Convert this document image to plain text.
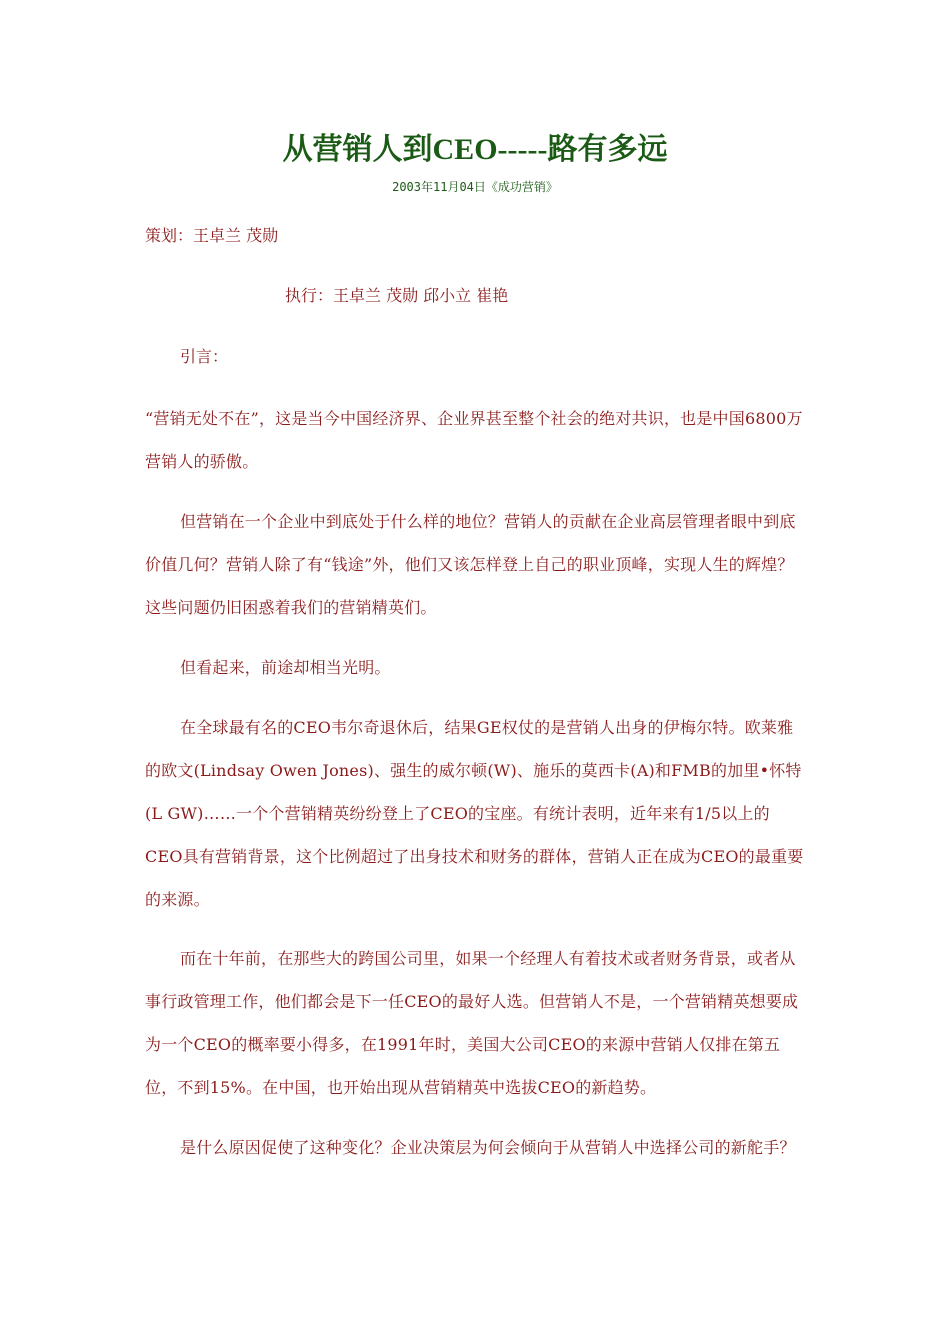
从营销人到CEO-----路有多远
2003年11月04日《成功营销》
策划：王卓兰 茂勋
执行：王卓兰 茂勋 邱小立 崔艳
引言：

“营销无处不在”，这是当今中国经济界、企业界甚至整个社会的绝对共识，也是中国6800万营销人的骄傲。

但营销在一个企业中到底处于什么样的地位？营销人的贡献在企业高层管理者眼中到底价值几何？营销人除了有“钱途”外，他们又该怎样登上自己的职业顶峰，实现人生的辉煌？这些问题仍旧困惑着我们的营销精英们。

但看起来，前途却相当光明。

在全球最有名的CEO韦尔奇退休后，结果GE权仗的是营销人出身的伊梅尔特。欧莱雅的欧文(Lindsay Owen Jones)、强生的威尔顿(W)、施乐的莫西卡(A)和FMB的加里•怀特(L GW)……一个个营销精英纷纷登上了CEO的宝座。有统计表明，近年来有1/5以上的CEO具有营销背景，这个比例超过了出身技术和财务的群体，营销人正在成为CEO的最重要的来源。

而在十年前，在那些大的跨国公司里，如果一个经理人有着技术或者财务背景，或者从事行政管理工作，他们都会是下一任CEO的最好人选。但营销人不是，一个营销精英想要成为一个CEO的概率要小得多，在1991年时，美国大公司CEO的来源中营销人仅排在第五位，不到15%。在中国，也开始出现从营销精英中选拔CEO的新趋势。

是什么原因促使了这种变化？企业决策层为何会倾向于从营销人中选择公司的新舵手？
